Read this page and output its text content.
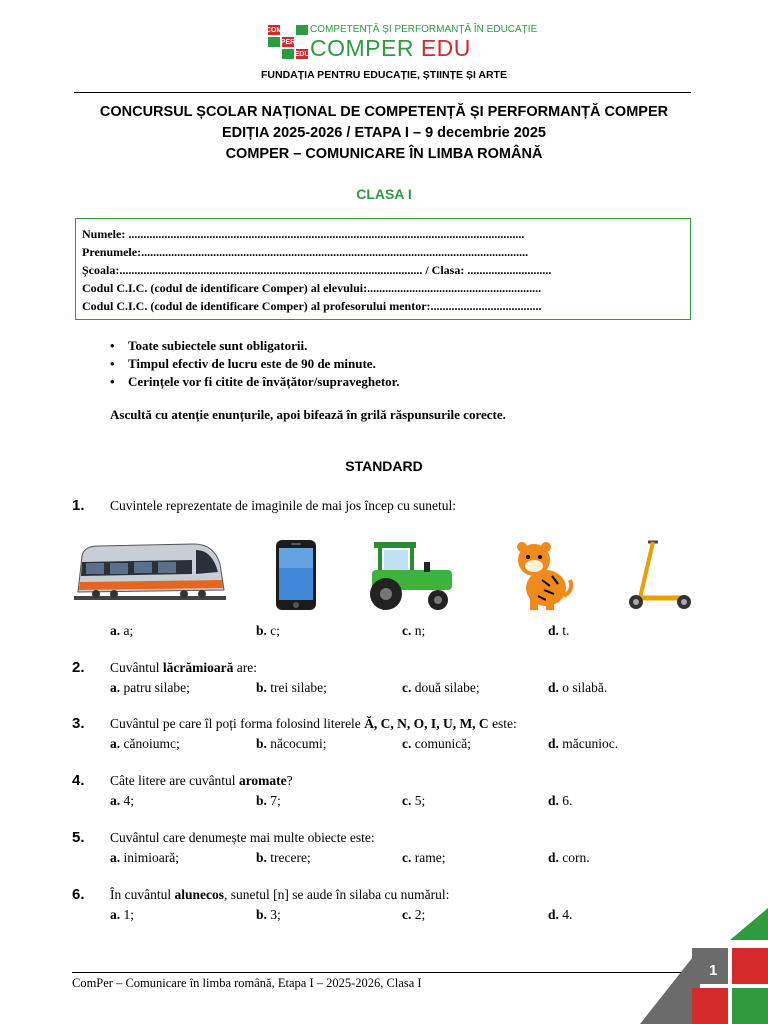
COM
PER
EDU
COMPETENȚĂ ȘI PERFORMANȚĂ ÎN EDUCAȚIE
COMPER EDU
FUNDAȚIA PENTRU EDUCAȚIE, ȘTIINȚE ȘI ARTE
CONCURSUL ȘCOLAR NAȚIONAL DE COMPETENȚĂ ȘI PERFORMANȚĂ COMPER
EDIȚIA 2025-2026 / ETAPA I – 9 decembrie 2025
COMPER – COMUNICARE ÎN LIMBA ROMÂNĂ
CLASA I
Numele: ....................................................................................................................................
Prenumele:.................................................................................................................................
Școala:..................................................................................................... / Clasa: ............................
Codul C.I.C. (codul de identificare Comper) al elevului:..........................................................
Codul C.I.C. (codul de identificare Comper) al profesorului mentor:.....................................
• Toate subiectele sunt obligatorii.
• Timpul efectiv de lucru este de 90 de minute.
• Cerințele vor fi citite de învățător/supraveghetor.
Ascultă cu atenție enunțurile, apoi bifează în grilă răspunsurile corecte.
STANDARD
1. Cuvintele reprezentate de imaginile de mai jos încep cu sunetul:
a. a;	b. c;	c. n;	d. t.
2. Cuvântul lăcrămioară are:
a. patru silabe;	b. trei silabe;	c. două silabe;	d. o silabă.
3. Cuvântul pe care îl poți forma folosind literele Ă, C, N, O, I, U, M, C este:
a. cănoiumc;	b. năcocumi;	c. comunică;	d. măcunioc.
4. Câte litere are cuvântul aromate?
a. 4;	b. 7;	c. 5;	d. 6.
5. Cuvântul care denumește mai multe obiecte este:
a. inimioară;	b. trecere;	c. rame;	d. corn.
6. În cuvântul alunecos, sunetul [n] se aude în silaba cu numărul:
a. 1;	b. 3;	c. 2;	d. 4.
ComPer – Comunicare în limba română, Etapa I – 2025-2026, Clasa I
1
